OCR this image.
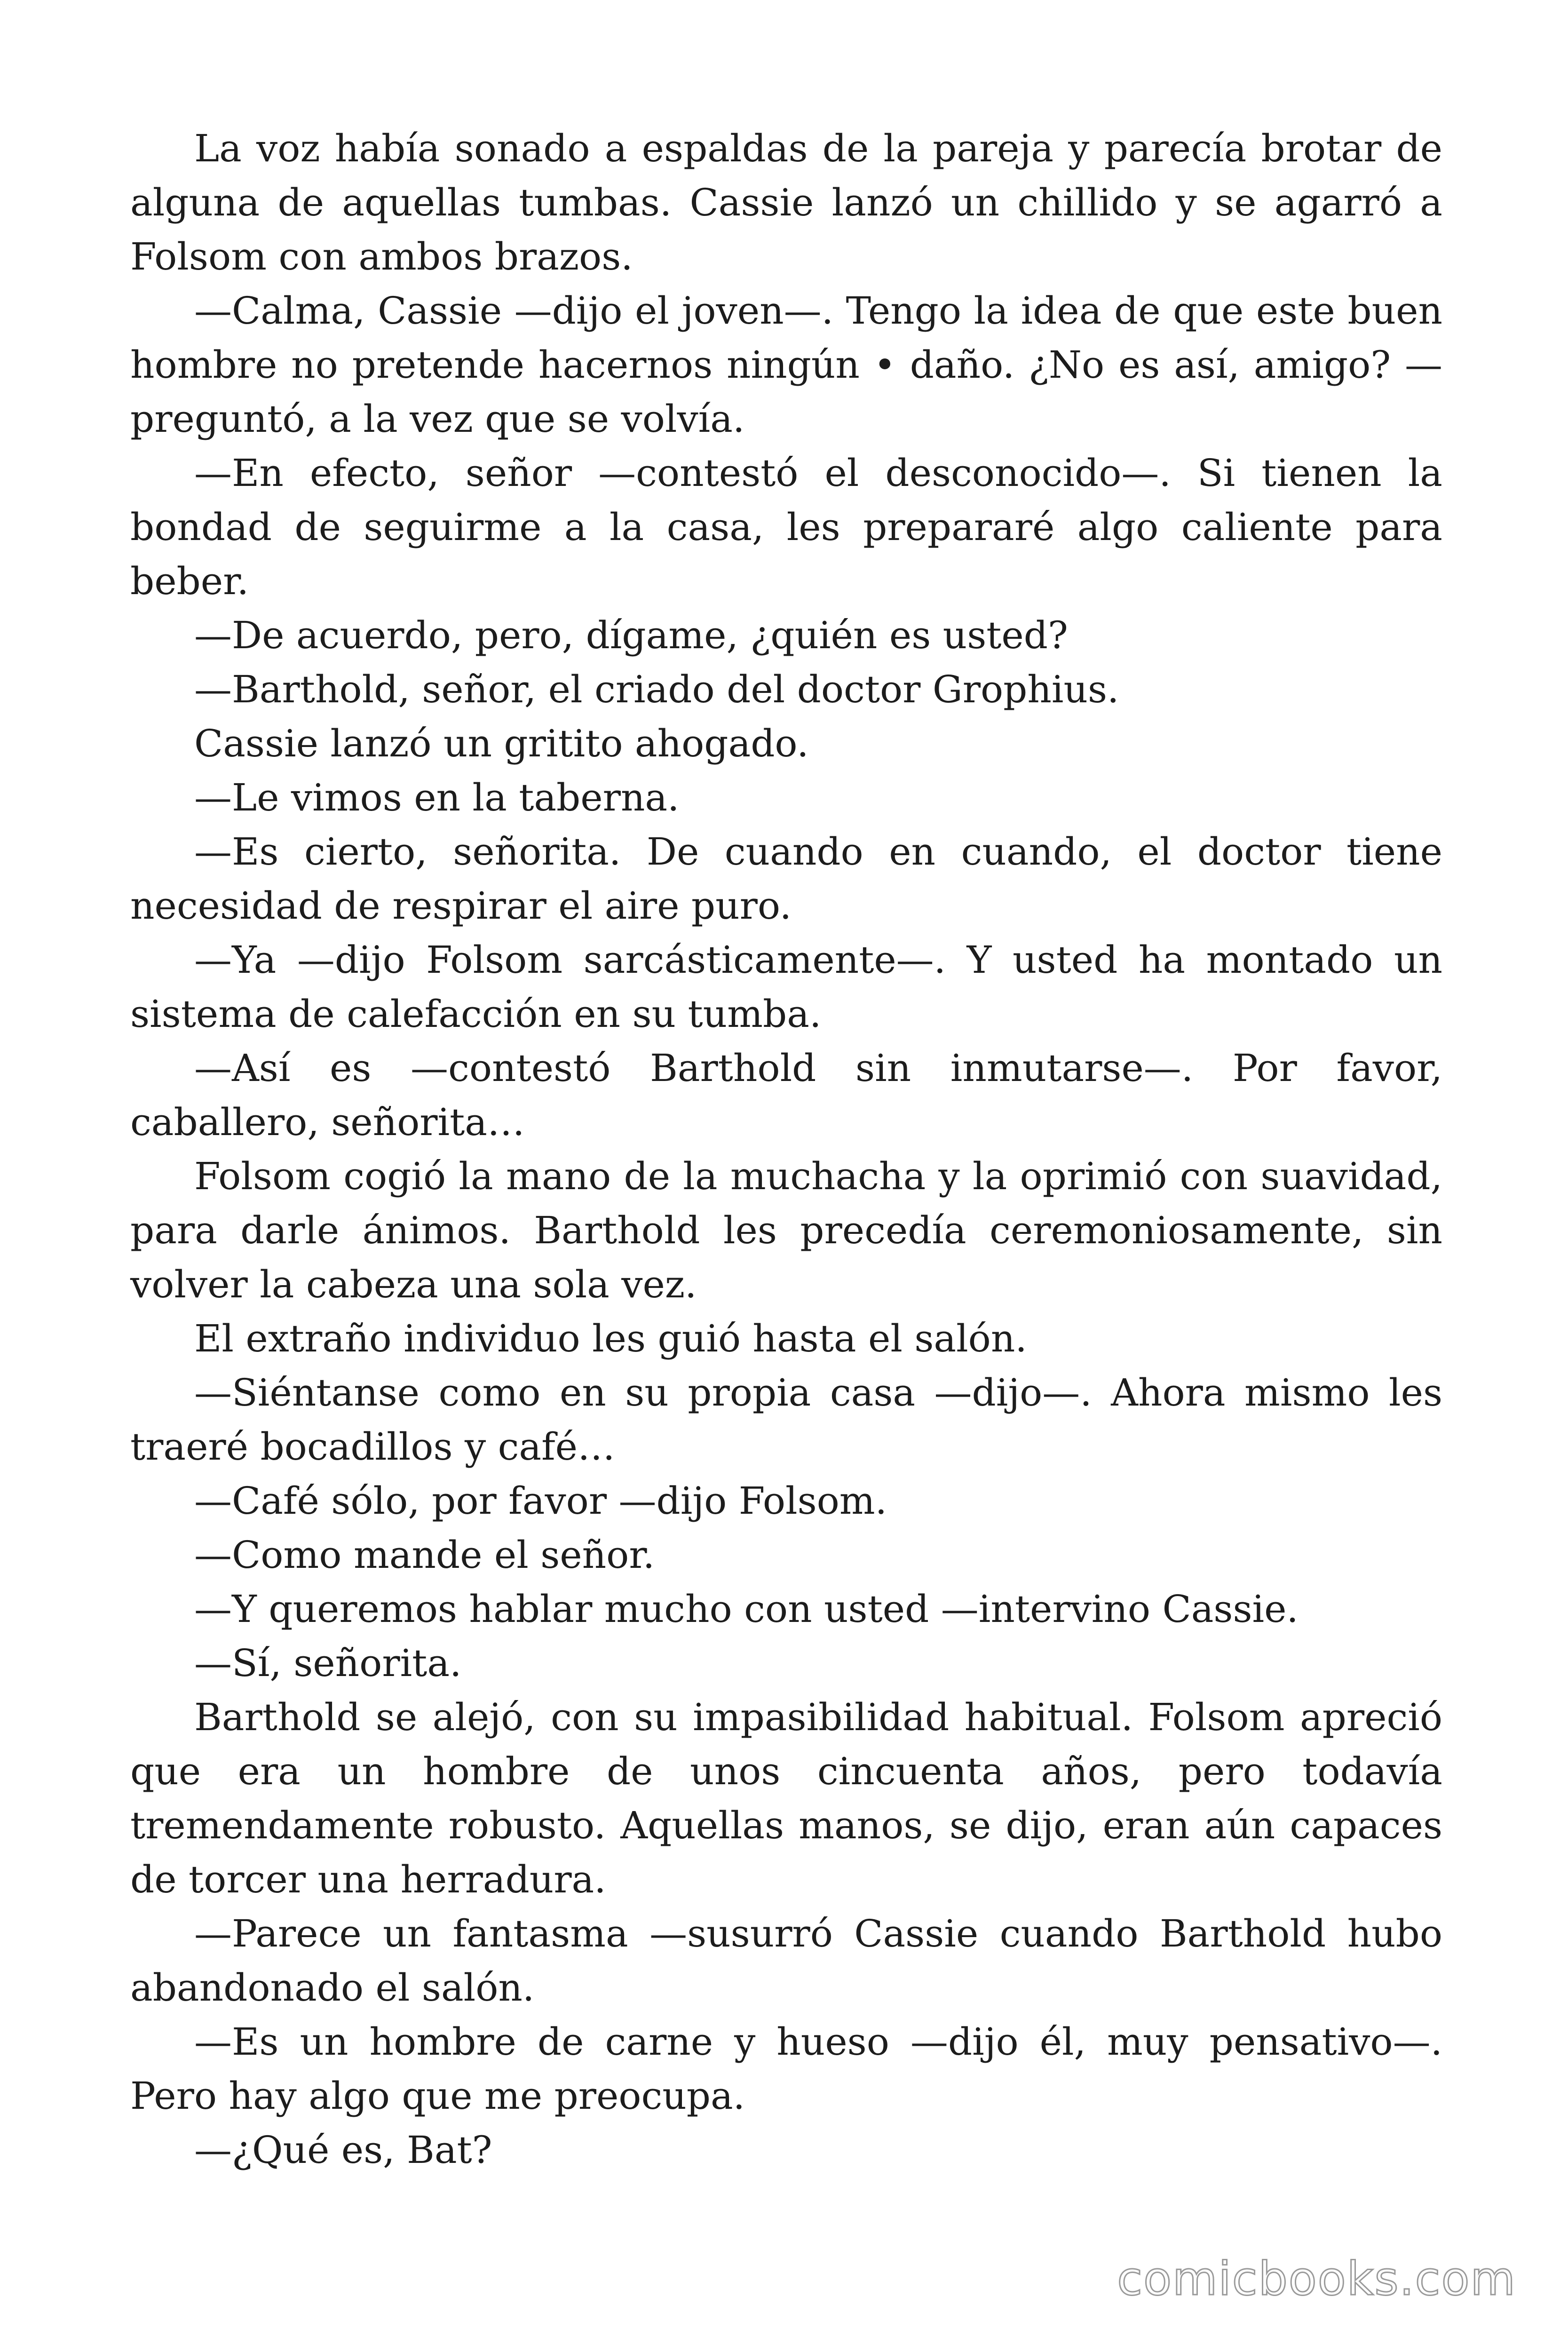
La voz había sonado a espaldas de la pareja y parecía brotar de alguna de aquellas tumbas. Cassie lanzó un chillido y se agarró a Folsom con ambos brazos.

—Calma, Cassie —dijo el joven—. Tengo la idea de que este buen hombre no pretende hacernos ningún • daño. ¿No es así, amigo? —preguntó, a la vez que se volvía.

—En efecto, señor —contestó el desconocido—. Si tienen la bondad de seguirme a la casa, les prepararé algo caliente para beber.

—De acuerdo, pero, dígame, ¿quién es usted?

—Barthold, señor, el criado del doctor Grophius.

Cassie lanzó un gritito ahogado.

—Le vimos en la taberna.

—Es cierto, señorita. De cuando en cuando, el doctor tiene necesidad de respirar el aire puro.

—Ya —dijo Folsom sarcásticamente—. Y usted ha montado un sistema de calefacción en su tumba.

—Así es —contestó Barthold sin inmutarse—. Por favor, caballero, señorita…

Folsom cogió la mano de la muchacha y la oprimió con suavidad, para darle ánimos. Barthold les precedía ceremoniosamente, sin volver la cabeza una sola vez.

El extraño individuo les guió hasta el salón.

—Siéntanse como en su propia casa —dijo—. Ahora mismo les traeré bocadillos y café…

—Café sólo, por favor —dijo Folsom.

—Como mande el señor.

—Y queremos hablar mucho con usted —intervino Cassie.

—Sí, señorita.

Barthold se alejó, con su impasibilidad habitual. Folsom apreció que era un hombre de unos cincuenta años, pero todavía tremendamente robusto. Aquellas manos, se dijo, eran aún capaces de torcer una herradura.

—Parece un fantasma —susurró Cassie cuando Barthold hubo abandonado el salón.

—Es un hombre de carne y hueso —dijo él, muy pensativo—. Pero hay algo que me preocupa.

—¿Qué es, Bat?

comicbooks.com
